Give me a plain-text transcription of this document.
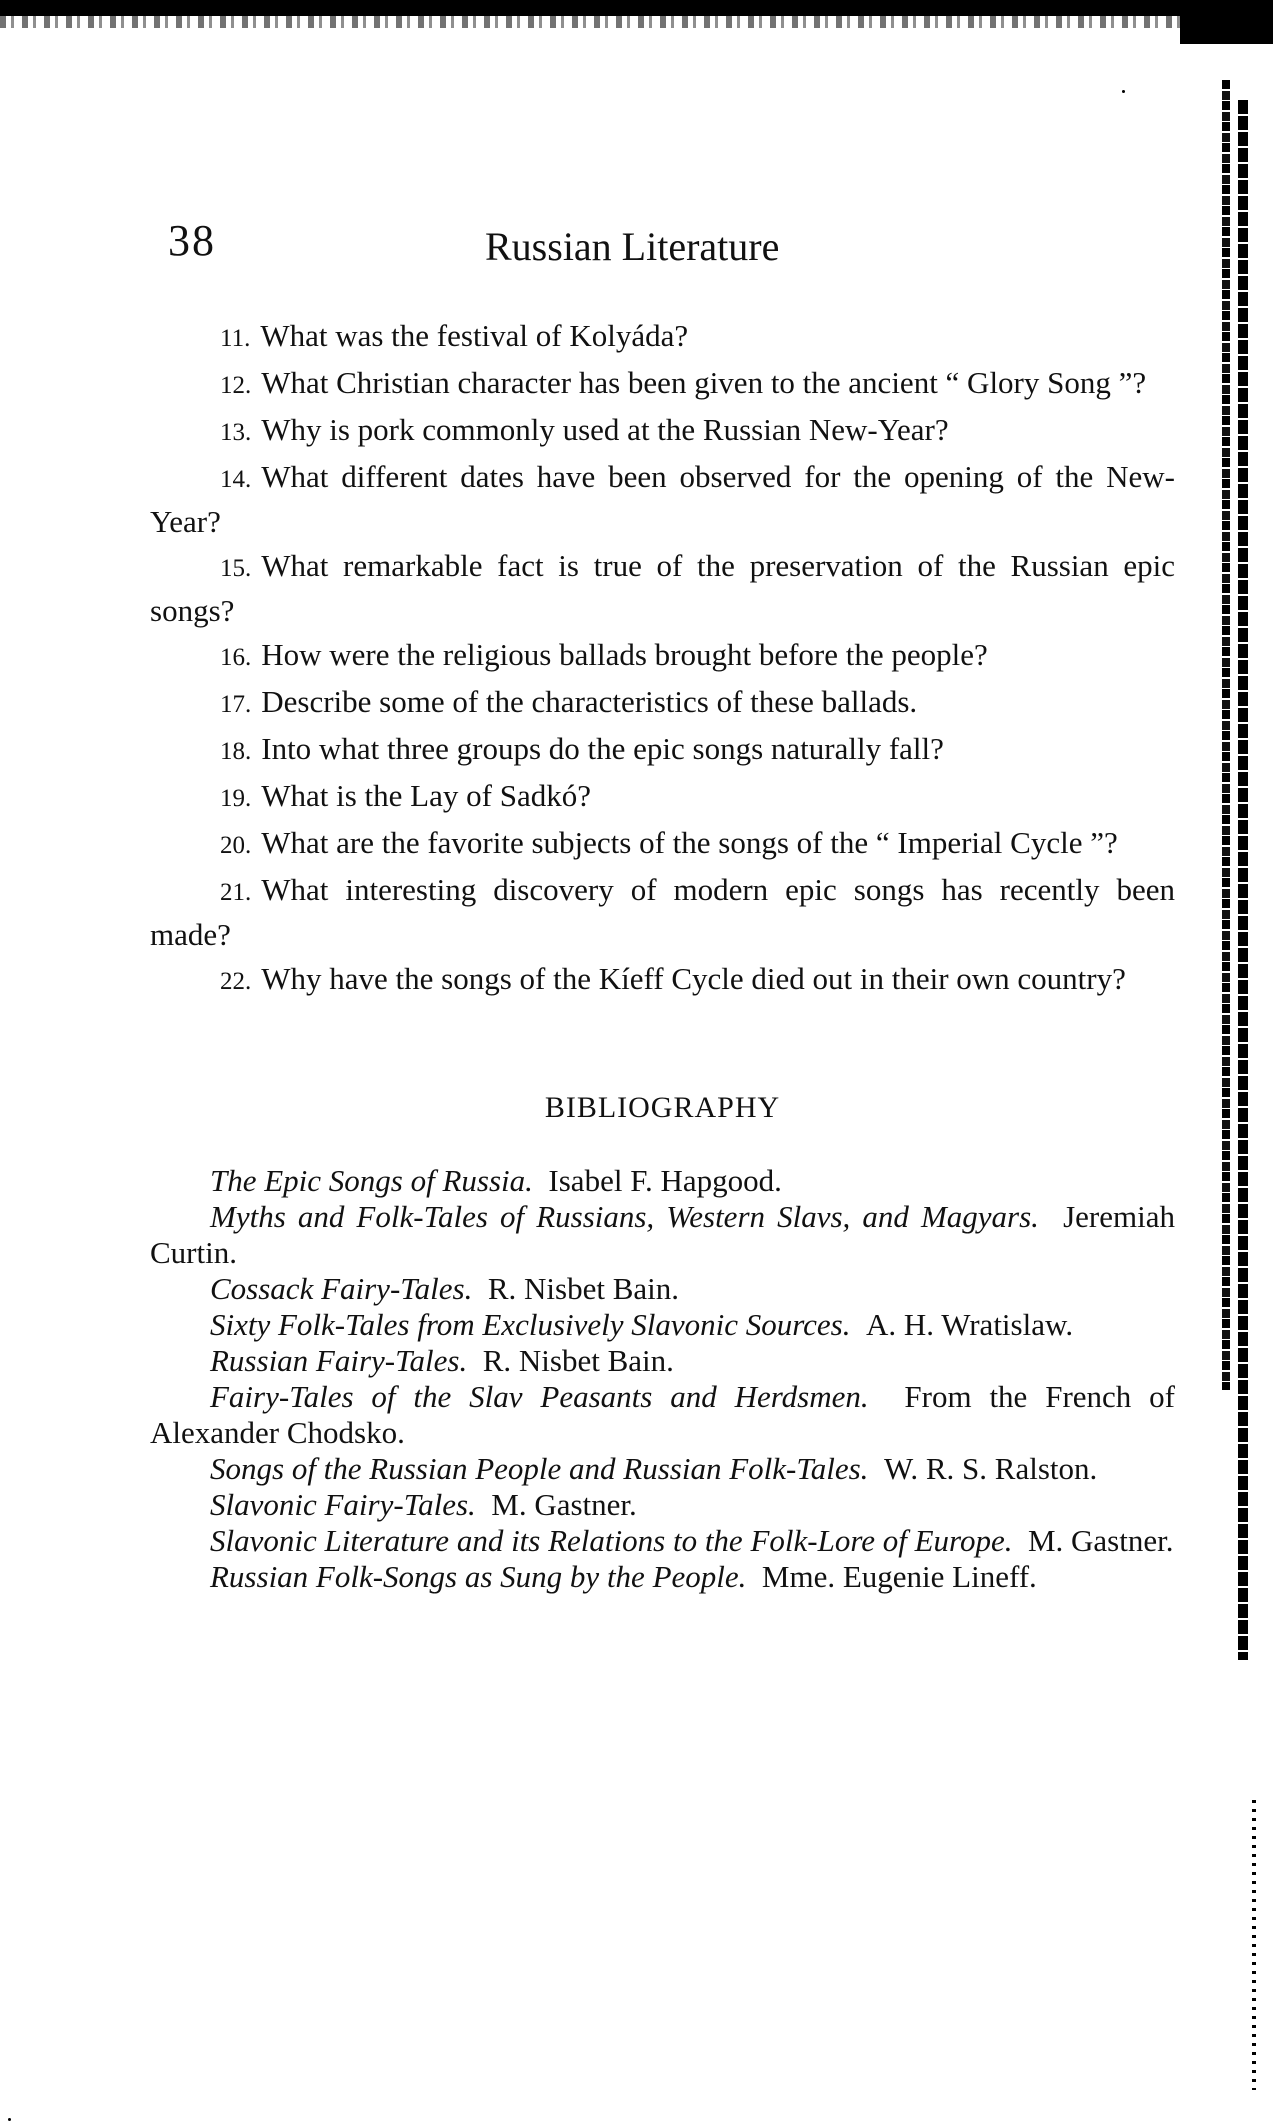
38	Russian Literature

11. What was the festival of Kolyáda?

12. What Christian character has been given to the ancient “ Glory Song ”?

13. Why is pork commonly used at the Russian New-Year?

14. What different dates have been observed for the opening of the New-Year?

15. What remarkable fact is true of the preservation of the Russian epic songs?

16. How were the religious ballads brought before the people?

17. Describe some of the characteristics of these ballads.

18. Into what three groups do the epic songs naturally fall?

19. What is the Lay of Sadkó?

20. What are the favorite subjects of the songs of the “ Imperial Cycle ”?

21. What interesting discovery of modern epic songs has recently been made?

22. Why have the songs of the Kíeff Cycle died out in their own country?

BIBLIOGRAPHY

The Epic Songs of Russia. Isabel F. Hapgood.

Myths and Folk-Tales of Russians, Western Slavs, and Magyars. Jeremiah Curtin.

Cossack Fairy-Tales. R. Nisbet Bain.

Sixty Folk-Tales from Exclusively Slavonic Sources. A. H. Wratislaw.

Russian Fairy-Tales. R. Nisbet Bain.

Fairy-Tales of the Slav Peasants and Herdsmen. From the French of Alexander Chodsko.

Songs of the Russian People and Russian Folk-Tales. W. R. S. Ralston.

Slavonic Fairy-Tales. M. Gastner.

Slavonic Literature and its Relations to the Folk-Lore of Europe. M. Gastner.

Russian Folk-Songs as Sung by the People. Mme. Eugenie Lineff.
